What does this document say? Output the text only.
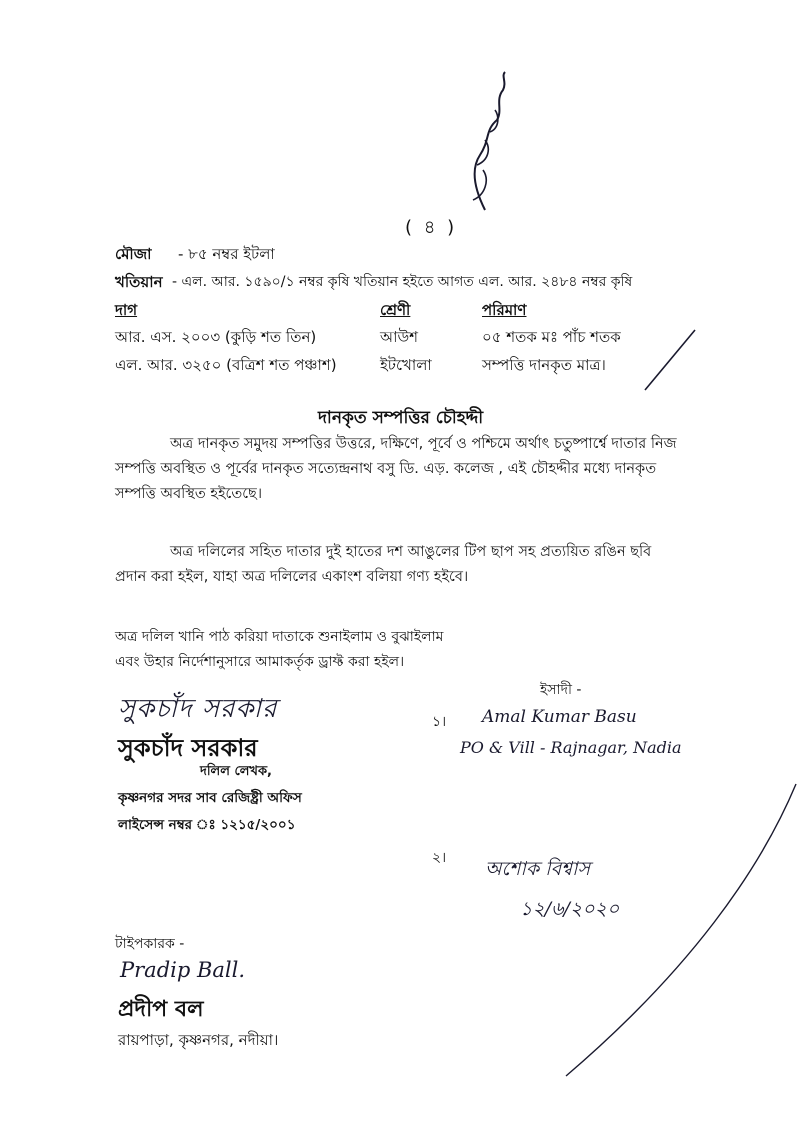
( ৪ )
মৌজা - ৮৫ নম্বর ইটলা
খতিয়ান - এল. আর. ১৫৯০/১ নম্বর কৃষি খতিয়ান হইতে আগত এল. আর. ২৪৮৪ নম্বর কৃষি
দাগ	শ্রেণী	পরিমাণ
আর. এস. ২০০৩ (কুড়ি শত তিন)	আউশ	০৫ শতক মঃ পাঁচ শতক
এল. আর. ৩২৫০ (বত্রিশ শত পঞ্চাশ)	ইটখোলা	সম্পত্তি দানকৃত মাত্র।
দানকৃত সম্পত্তির চৌহদ্দী
অত্র দানকৃত সমুদয় সম্পত্তির উত্তরে, দক্ষিণে, পূর্বে ও পশ্চিমে অর্থাৎ চতুষ্পার্শ্বে দাতার নিজ
সম্পত্তি অবস্থিত ও পূর্বের দানকৃত সত্যেন্দ্রনাথ বসু ডি. এড়. কলেজ , এই চৌহদ্দীর মধ্যে দানকৃত
সম্পত্তি অবস্থিত হইতেছে।
অত্র দলিলের সহিত দাতার দুই হাতের দশ আঙুলের টিপ ছাপ সহ প্রত্যয়িত রঙিন ছবি
প্রদান করা হইল, যাহা অত্র দলিলের একাংশ বলিয়া গণ্য হইবে।
অত্র দলিল খানি পাঠ করিয়া দাতাকে শুনাইলাম ও বুঝাইলাম
এবং উহার নির্দেশানুসারে আমাকর্তৃক ড্রাফ্ট করা হইল।
ইসাদী -
সুকচাঁদ সরকার
সুকচাঁদ সরকার
দলিল লেখক,
কৃষ্ণনগর সদর সাব রেজিষ্ট্রী অফিস
লাইসেন্স নম্বর ঃ ১২১৫/২০০১
১। Amal Kumar Basu
PO & Vill - Rajnagar, Nadia
২। অশোক বিশ্বাস
১২/৬/২০২০
টাইপকারক -
Pradip Ball.
প্রদীপ বল
রায়পাড়া, কৃষ্ণনগর, নদীয়া।
